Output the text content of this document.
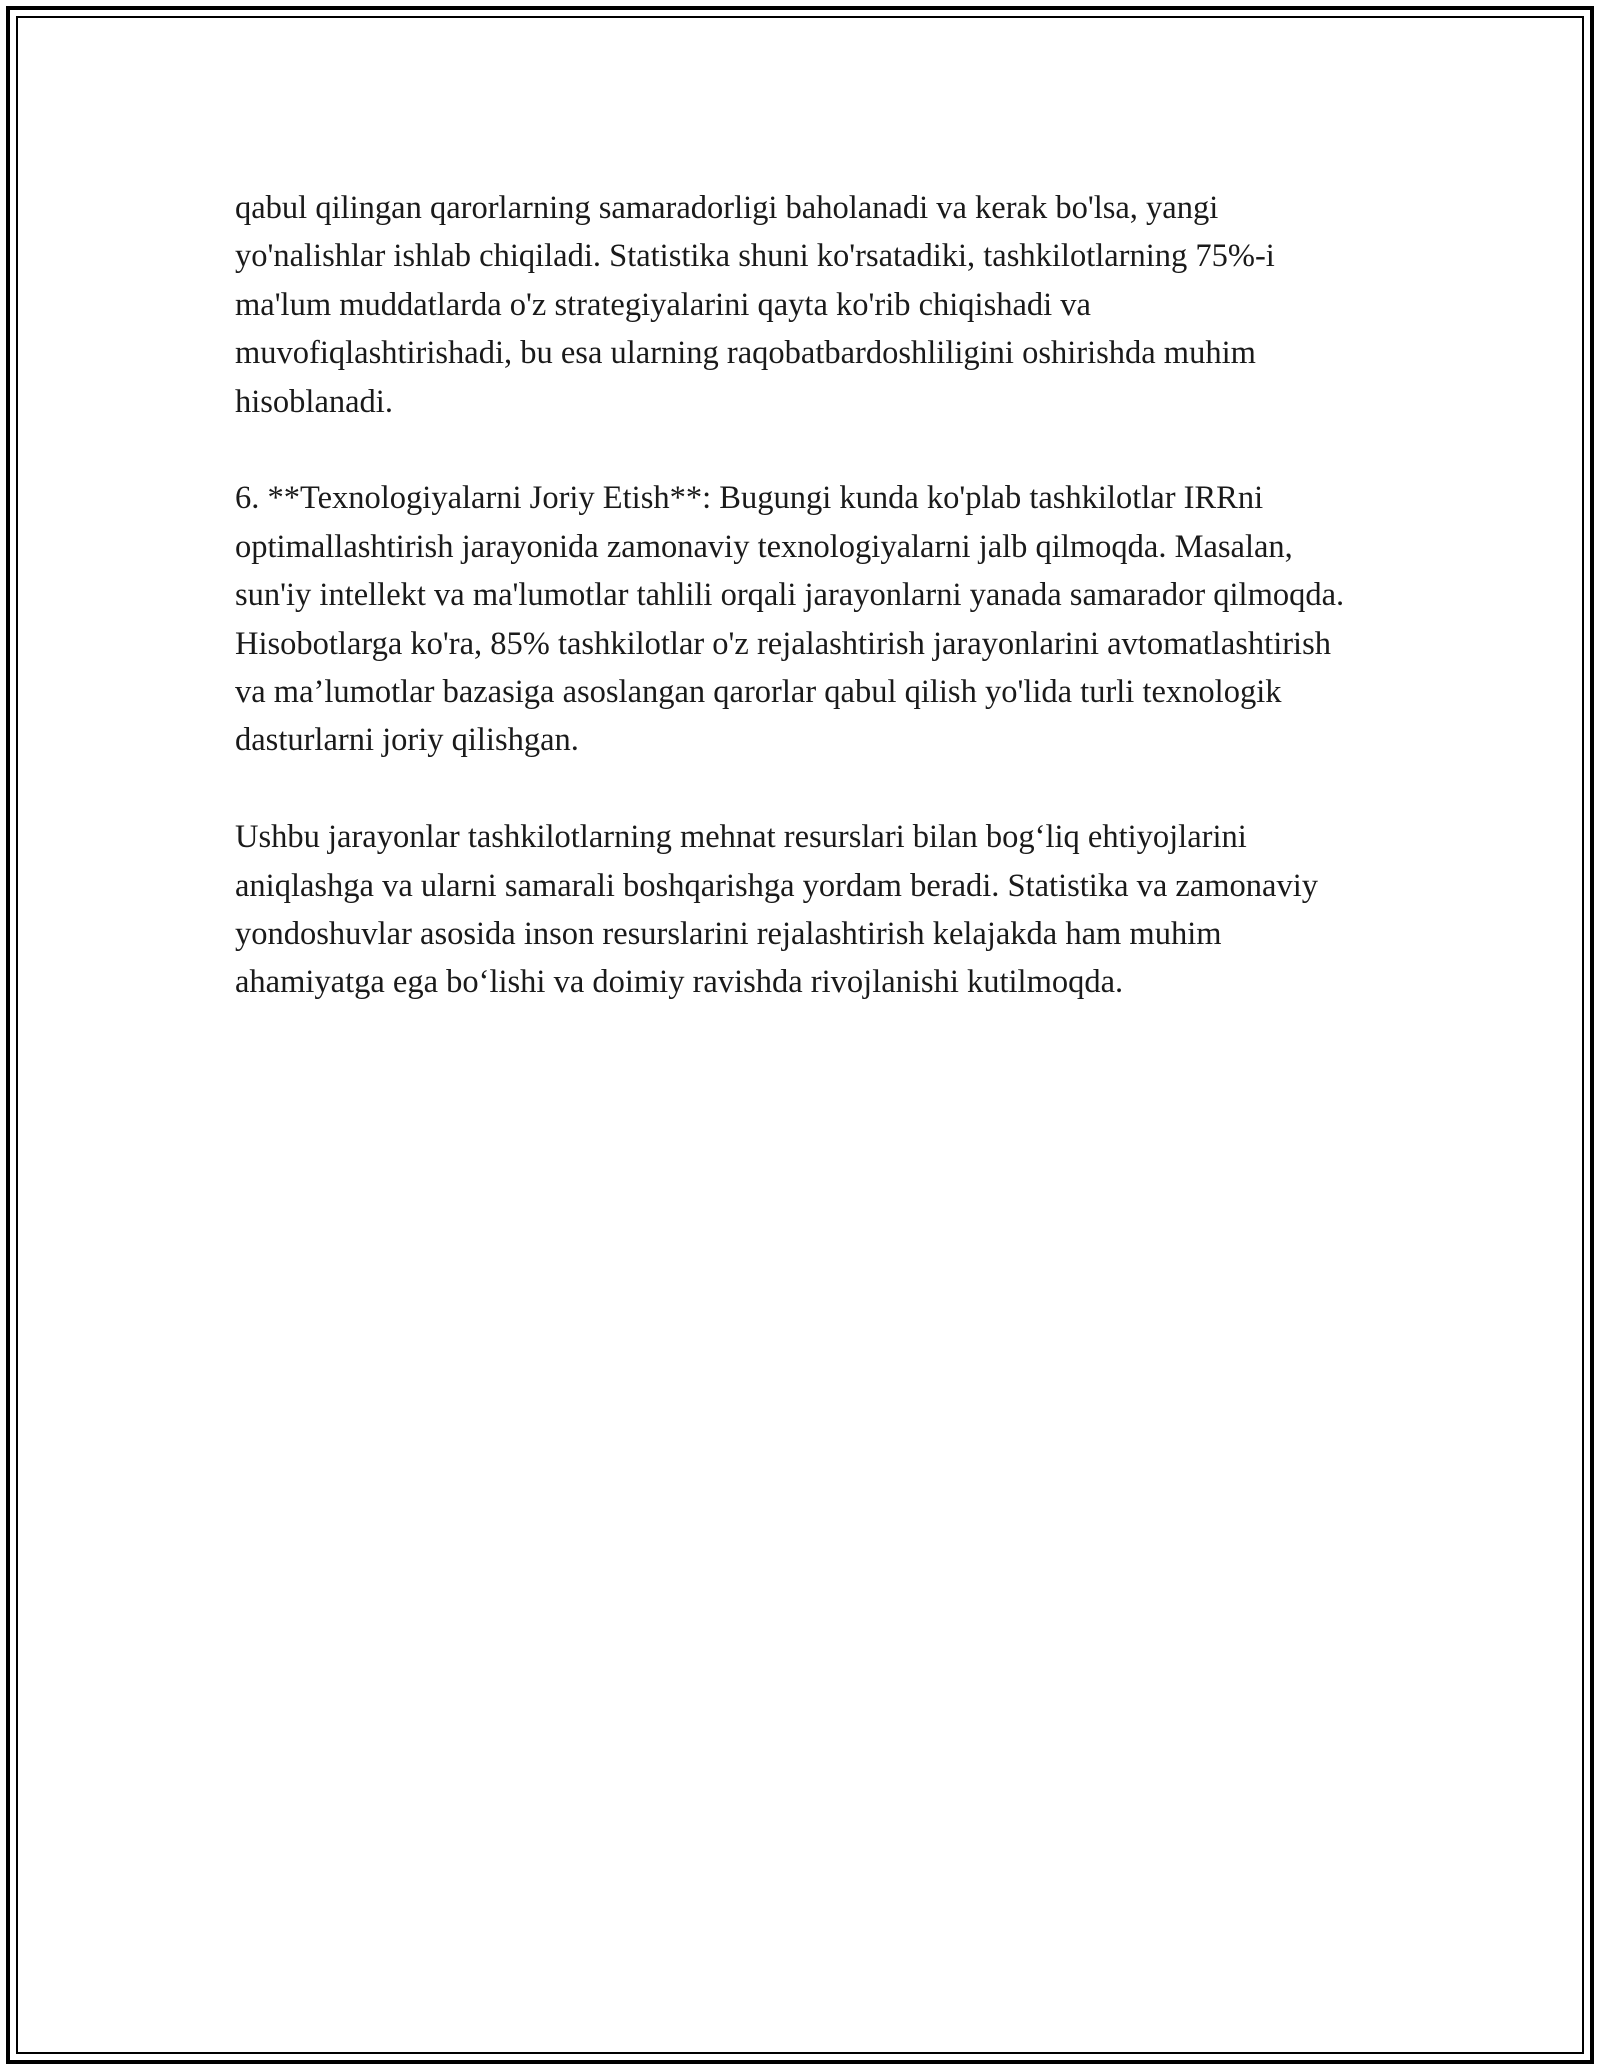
qabul qilingan qarorlarning samaradorligi baholanadi va kerak bo'lsa, yangi yo'nalishlar ishlab chiqiladi. Statistika shuni ko'rsatadiki, tashkilotlarning 75%-i ma'lum muddatlarda o'z strategiyalarini qayta ko'rib chiqishadi va muvofiqlashtirishadi, bu esa ularning raqobatbardoshliligini oshirishda muhim hisoblanadi.

6. **Texnologiyalarni Joriy Etish**: Bugungi kunda ko'plab tashkilotlar IRRni optimallashtirish jarayonida zamonaviy texnologiyalarni jalb qilmoqda. Masalan, sun'iy intellekt va ma'lumotlar tahlili orqali jarayonlarni yanada samarador qilmoqda. Hisobotlarga ko'ra, 85% tashkilotlar o'z rejalashtirish jarayonlarini avtomatlashtirish va ma’lumotlar bazasiga asoslangan qarorlar qabul qilish yo'lida turli texnologik dasturlarni joriy qilishgan.

Ushbu jarayonlar tashkilotlarning mehnat resurslari bilan bog‘liq ehtiyojlarini aniqlashga va ularni samarali boshqarishga yordam beradi. Statistika va zamonaviy yondoshuvlar asosida inson resurslarini rejalashtirish kelajakda ham muhim ahamiyatga ega bo‘lishi va doimiy ravishda rivojlanishi kutilmoqda.
